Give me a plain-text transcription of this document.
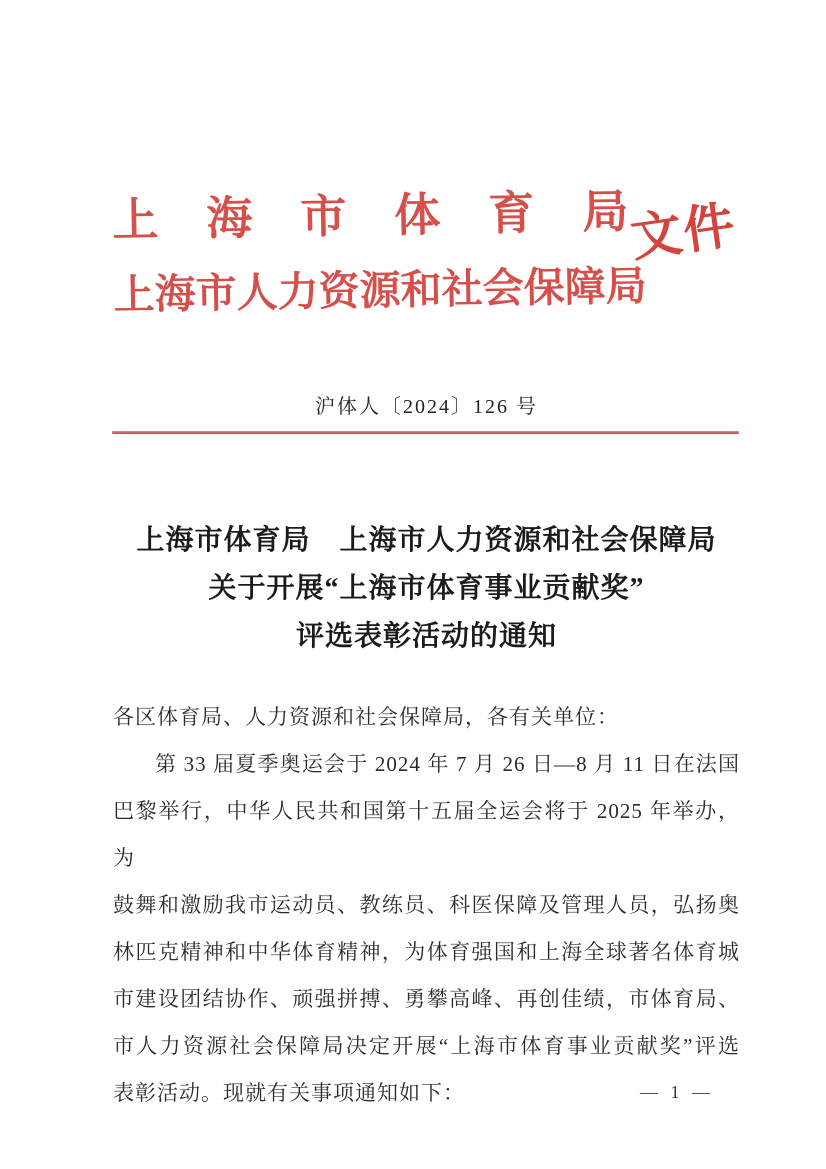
上海市体育局
上海市人力资源和社会保障局
文件
沪体人〔2024〕126 号
上海市体育局　上海市人力资源和社会保障局
关于开展“上海市体育事业贡献奖”
评选表彰活动的通知
各区体育局、人力资源和社会保障局，各有关单位：
第 33 届夏季奥运会于 2024 年 7 月 26 日—8 月 11 日在法国
巴黎举行，中华人民共和国第十五届全运会将于 2025 年举办，为
鼓舞和激励我市运动员、教练员、科医保障及管理人员，弘扬奥
林匹克精神和中华体育精神，为体育强国和上海全球著名体育城
市建设团结协作、顽强拼搏、勇攀高峰、再创佳绩，市体育局、
市人力资源社会保障局决定开展“上海市体育事业贡献奖”评选
表彰活动。现就有关事项通知如下：	— 1 —
